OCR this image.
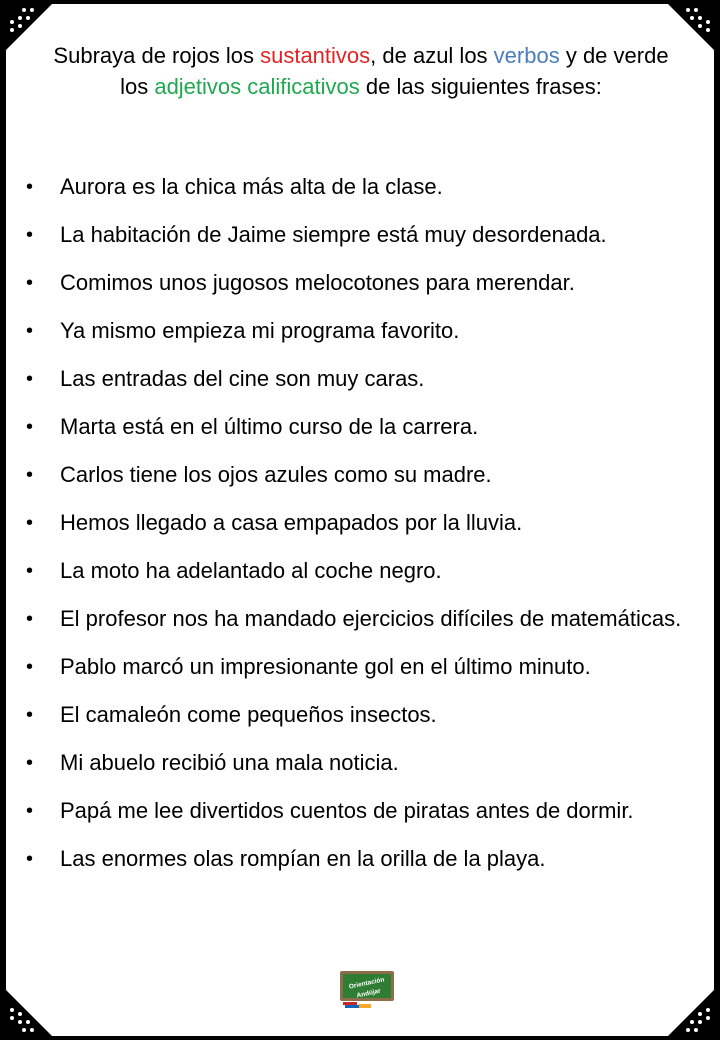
Subraya de rojos los sustantivos, de azul los verbos y de verde los adjetivos calificativos de las siguientes frases:
• Aurora es la chica más alta de la clase.
• La habitación de Jaime siempre está muy desordenada.
• Comimos unos jugosos melocotones para merendar.
• Ya mismo empieza mi programa favorito.
• Las entradas del cine son muy caras.
• Marta está en el último curso de la carrera.
• Carlos tiene los ojos azules como su madre.
• Hemos llegado a casa empapados por la lluvia.
• La moto ha adelantado al coche negro.
• El profesor nos ha mandado ejercicios difíciles de matemáticas.
• Pablo marcó un impresionante gol en el último minuto.
• El camaleón come pequeños insectos.
• Mi abuelo recibió una mala noticia.
• Papá me lee divertidos cuentos de piratas antes de dormir.
• Las enormes olas rompían en la orilla de la playa.
Orientación
Andújar
